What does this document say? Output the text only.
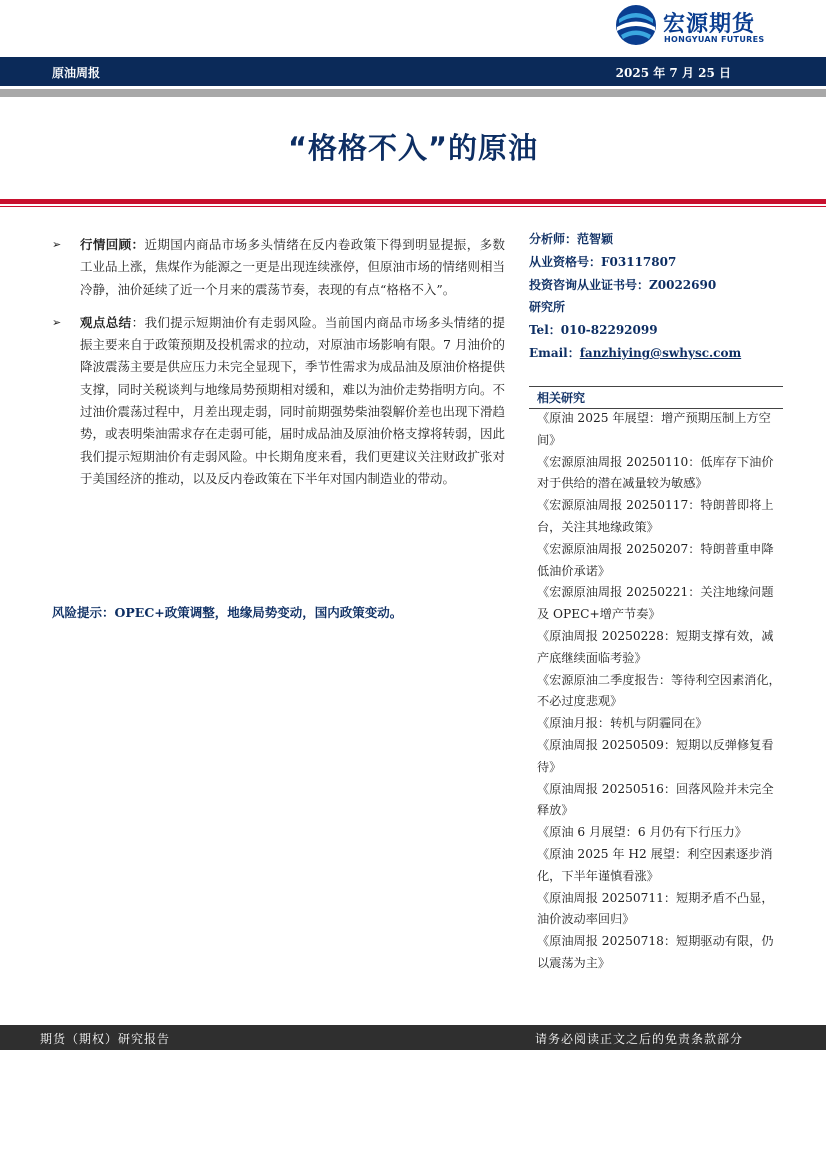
宏源期货
HONGYUAN FUTURES
原油周报	2025 年 7 月 25 日
“格格不入”的原油
➢ 行情回顾：近期国内商品市场多头情绪在反内卷政策下得到明显提振，多数工业品上涨，焦煤作为能源之一更是出现连续涨停，但原油市场的情绪则相当冷静，油价延续了近一个月来的震荡节奏，表现的有点“格格不入”。
➢ 观点总结：我们提示短期油价有走弱风险。当前国内商品市场多头情绪的提振主要来自于政策预期及投机需求的拉动，对原油市场影响有限。7 月油价的降波震荡主要是供应压力未完全显现下，季节性需求为成品油及原油价格提供支撑，同时关税谈判与地缘局势预期相对缓和，难以为油价走势指明方向。不过油价震荡过程中，月差出现走弱，同时前期强势柴油裂解价差也出现下滑趋势，或表明柴油需求存在走弱可能，届时成品油及原油价格支撑将转弱，因此我们提示短期油价有走弱风险。中长期角度来看，我们更建议关注财政扩张对于美国经济的推动，以及反内卷政策在下半年对国内制造业的带动。
风险提示：OPEC+政策调整，地缘局势变动，国内政策变动。
分析师：范智颖
从业资格号：F03117807
投资咨询从业证书号：Z0022690
研究所
Tel：010-82292099
Email：fanzhiying@swhysc.com
相关研究
《原油 2025 年展望：增产预期压制上方空间》
《宏源原油周报 20250110：低库存下油价对于供给的潜在减量较为敏感》
《宏源原油周报 20250117：特朗普即将上台，关注其地缘政策》
《宏源原油周报 20250207：特朗普重申降低油价承诺》
《宏源原油周报 20250221：关注地缘问题及 OPEC+增产节奏》
《原油周报 20250228：短期支撑有效，减产底继续面临考验》
《宏源原油二季度报告：等待利空因素消化，不必过度悲观》
《原油月报：转机与阴霾同在》
《原油周报 20250509：短期以反弹修复看待》
《原油周报 20250516：回落风险并未完全释放》
《原油 6 月展望：6 月仍有下行压力》
《原油 2025 年 H2 展望：利空因素逐步消化，下半年谨慎看涨》
《原油周报 20250711：短期矛盾不凸显，油价波动率回归》
《原油周报 20250718：短期驱动有限，仍以震荡为主》
期货（期权）研究报告	请务必阅读正文之后的免责条款部分
